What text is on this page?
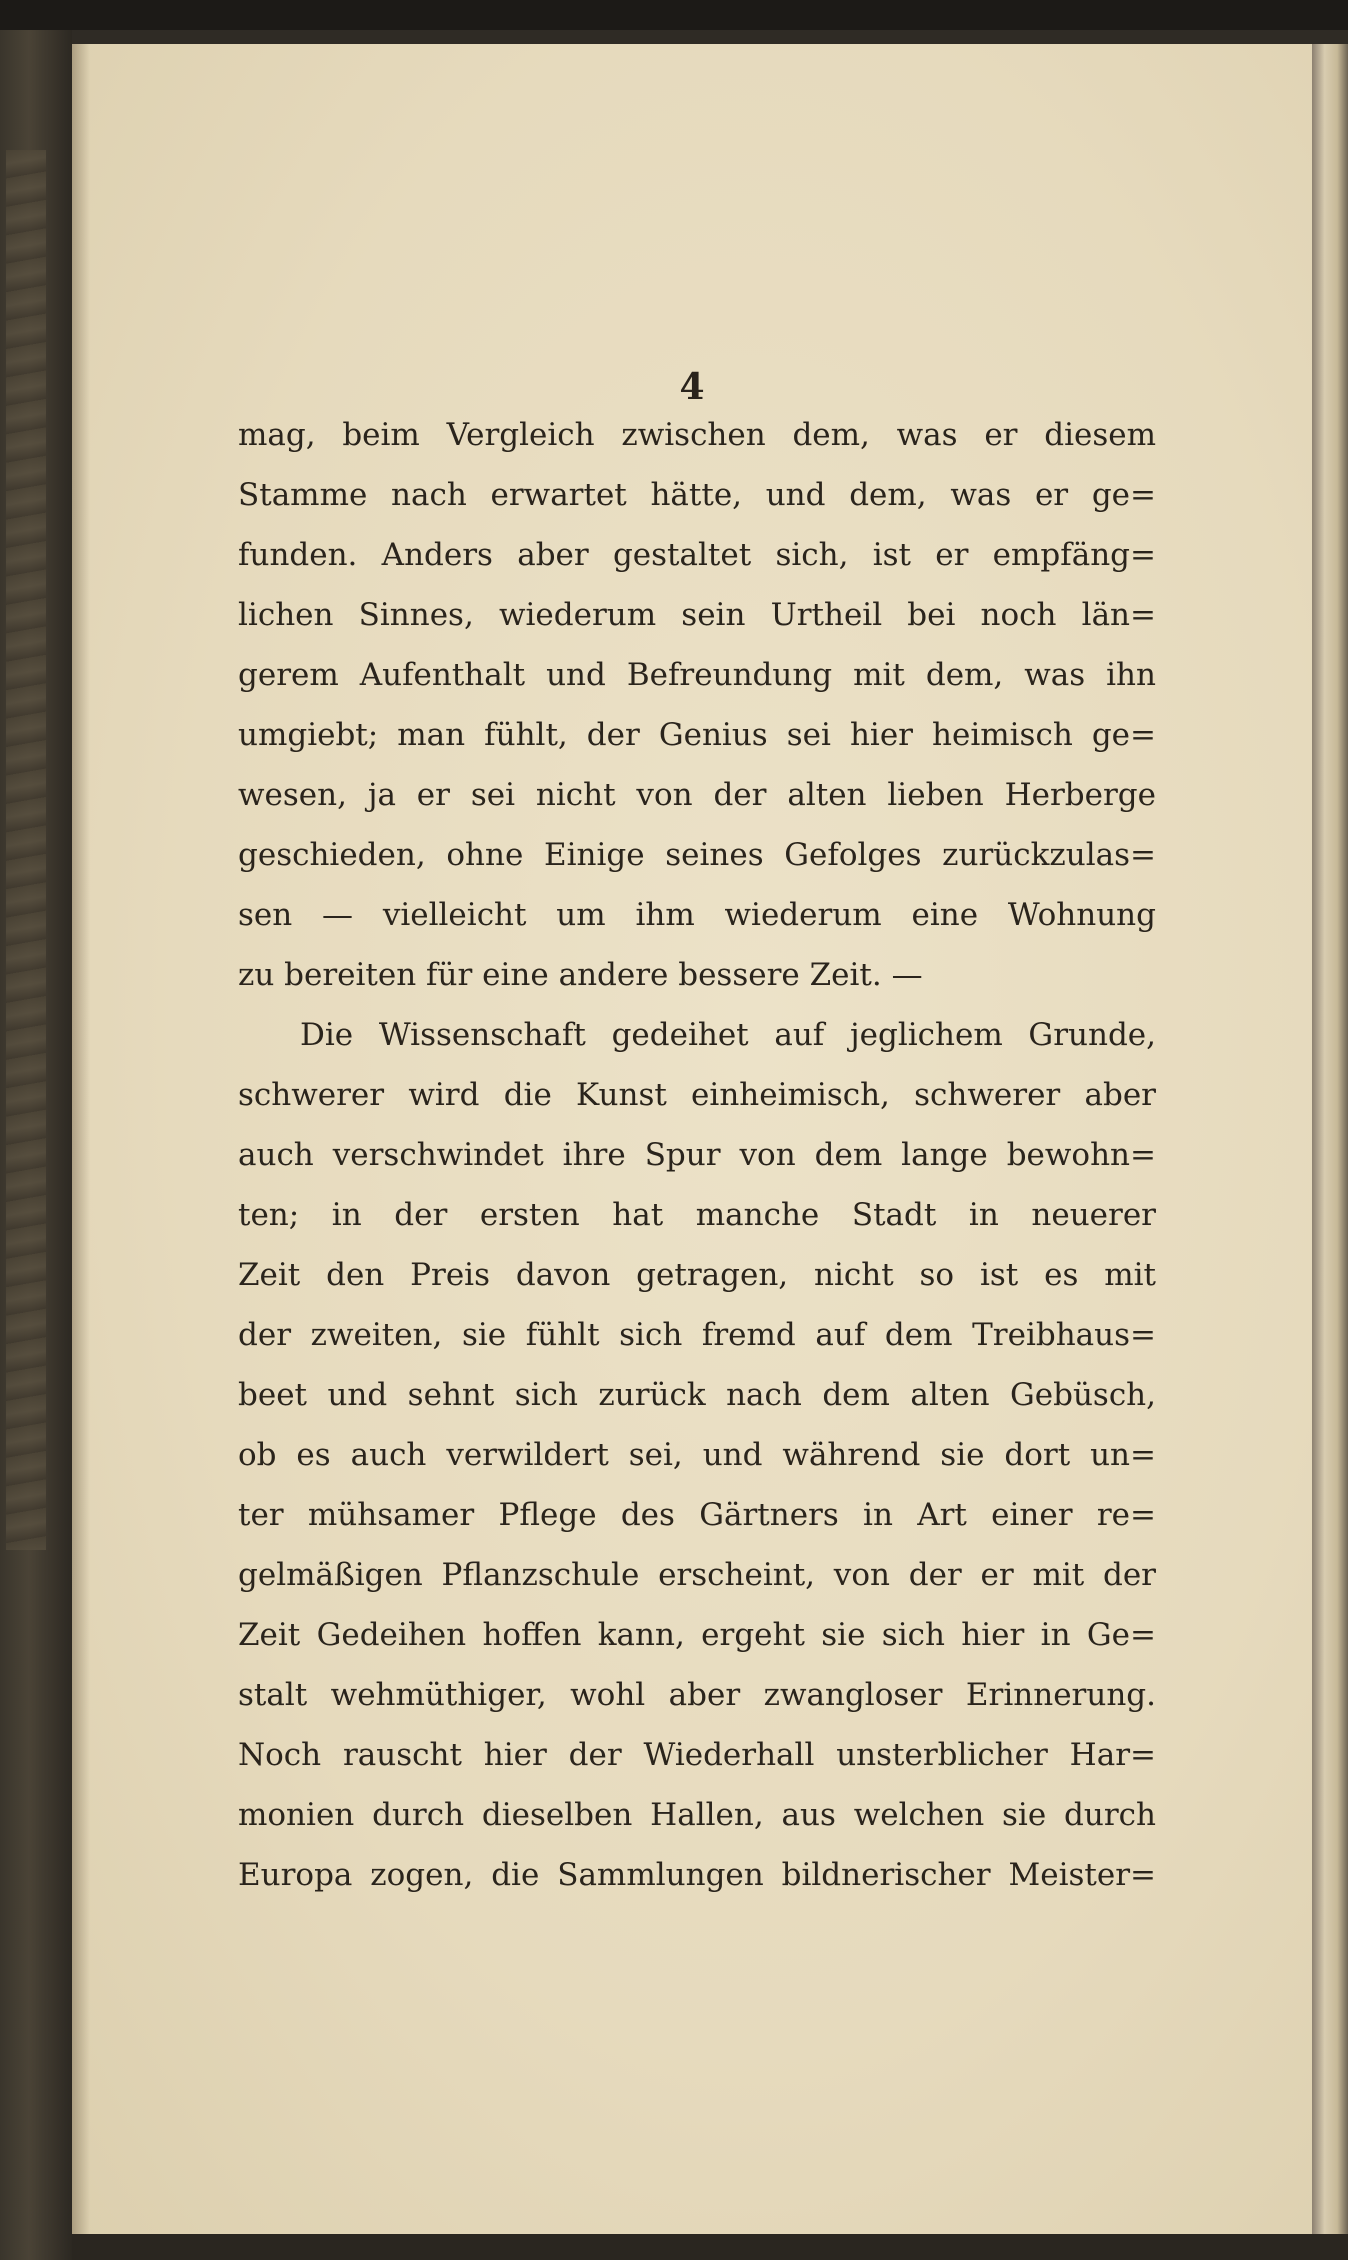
4
mag, beim Vergleich zwischen dem, was er diesem
Stamme nach erwartet hätte, und dem, was er ge=
funden. Anders aber gestaltet sich, ist er empfäng=
lichen Sinnes, wiederum sein Urtheil bei noch län=
gerem Aufenthalt und Befreundung mit dem, was ihn
umgiebt; man fühlt, der Genius sei hier heimisch ge=
wesen, ja er sei nicht von der alten lieben Herberge
geschieden, ohne Einige seines Gefolges zurückzulas=
sen — vielleicht um ihm wiederum eine Wohnung
zu bereiten für eine andere bessere Zeit. —
Die Wissenschaft gedeihet auf jeglichem Grunde,
schwerer wird die Kunst einheimisch, schwerer aber
auch verschwindet ihre Spur von dem lange bewohn=
ten; in der ersten hat manche Stadt in neuerer
Zeit den Preis davon getragen, nicht so ist es mit
der zweiten, sie fühlt sich fremd auf dem Treibhaus=
beet und sehnt sich zurück nach dem alten Gebüsch,
ob es auch verwildert sei, und während sie dort un=
ter mühsamer Pflege des Gärtners in Art einer re=
gelmäßigen Pflanzschule erscheint, von der er mit der
Zeit Gedeihen hoffen kann, ergeht sie sich hier in Ge=
stalt wehmüthiger, wohl aber zwangloser Erinnerung.
Noch rauscht hier der Wiederhall unsterblicher Har=
monien durch dieselben Hallen, aus welchen sie durch
Europa zogen, die Sammlungen bildnerischer Meister=
